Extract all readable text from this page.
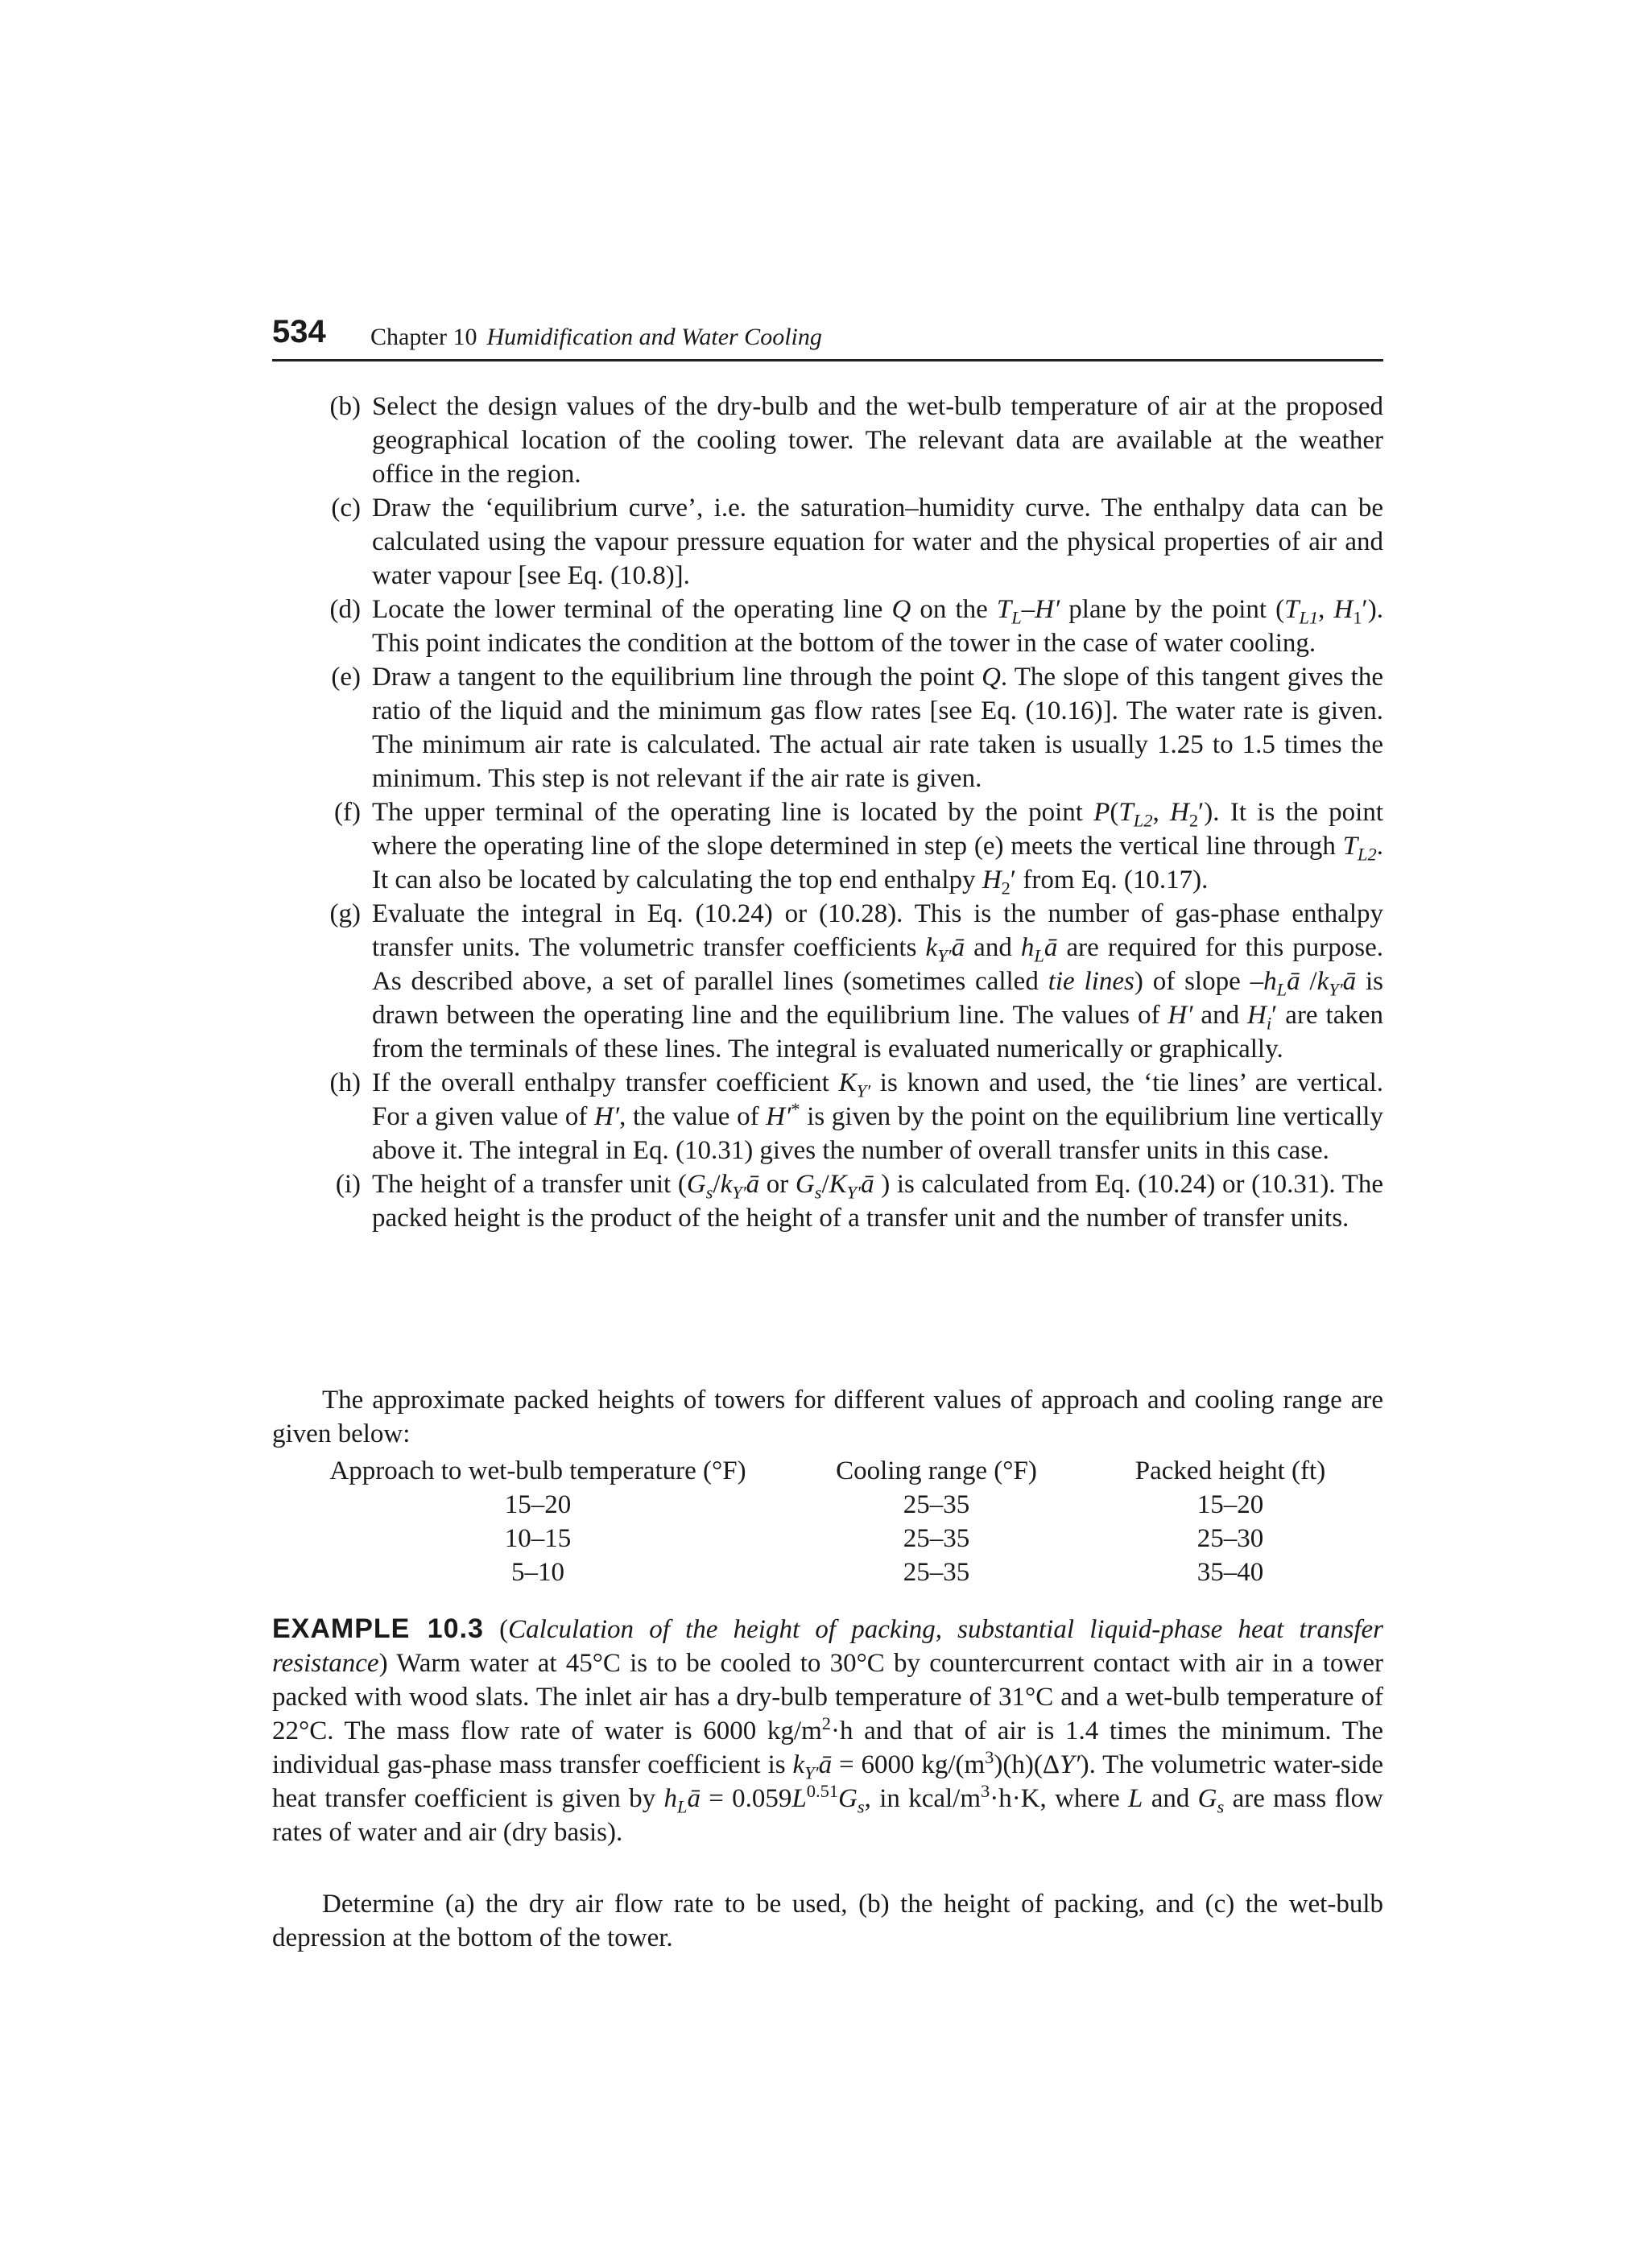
534 Chapter 10 Humidification and Water Cooling
(b) Select the design values of the dry-bulb and the wet-bulb temperature of air at the proposed geographical location of the cooling tower. The relevant data are available at the weather office in the region.
(c) Draw the ‘equilibrium curve’, i.e. the saturation–humidity curve. The enthalpy data can be calculated using the vapour pressure equation for water and the physical properties of air and water vapour [see Eq. (10.8)].
(d) Locate the lower terminal of the operating line Q on the $T_L-H'$ plane by the point ($T_{L1}$, $H_1'$). This point indicates the condition at the bottom of the tower in the case of water cooling.
(e) Draw a tangent to the equilibrium line through the point Q. The slope of this tangent gives the ratio of the liquid and the minimum gas flow rates [see Eq. (10.16)]. The water rate is given. The minimum air rate is calculated. The actual air rate taken is usually 1.25 to 1.5 times the minimum. This step is not relevant if the air rate is given.
(f) The upper terminal of the operating line is located by the point $P(T_{L2}$, $H_2'$). It is the point where the operating line of the slope determined in step (e) meets the vertical line through $T_{L2}$. It can also be located by calculating the top end enthalpy $H_2'$ from Eq. (10.17).
(g) Evaluate the integral in Eq. (10.24) or (10.28). This is the number of gas-phase enthalpy transfer units. The volumetric transfer coefficients $k_{Y'}ā$ and $h_Lā$ are required for this purpose. As described above, a set of parallel lines (sometimes called tie lines) of slope $-h_Lā$ $/k_{Y'}ā$ is drawn between the operating line and the equilibrium line. The values of H′ and $H_i'$ are taken from the terminals of these lines. The integral is evaluated numerically or graphically.
(h) If the overall enthalpy transfer coefficient $K_{Y'}$ is known and used, the ‘tie lines’ are vertical. For a given value of H′, the value of H′* is given by the point on the equilibrium line vertically above it. The integral in Eq. (10.31) gives the number of overall transfer units in this case.
(i) The height of a transfer unit ($G_s/k_{Y'}ā$ or $G_s/K_{Y'}ā$ ) is calculated from Eq. (10.24) or (10.31). The packed height is the product of the height of a transfer unit and the number of transfer units.
The approximate packed heights of towers for different values of approach and cooling range are given below:
Approach to wet-bulb temperature (°F)	Cooling range (°F)	Packed height (ft)
15–20	25–35	15–20
10–15	25–35	25–30
5–10	25–35	35–40
EXAMPLE 10.3 (Calculation of the height of packing, substantial liquid-phase heat transfer resistance) Warm water at 45°C is to be cooled to 30°C by countercurrent contact with air in a tower packed with wood slats. The inlet air has a dry-bulb temperature of 31°C and a wet-bulb temperature of 22°C. The mass flow rate of water is 6000 $kg/m^2\cdot h$ and that of air is 1.4 times the minimum. The individual gas-phase mass transfer coefficient is $k_{Y'}ā = 6000$ $kg/(m^3)(h)(\Delta Y')$. The volumetric water-side heat transfer coefficient is given by $h_Lā = 0.059L^{0.51}G_s$, in kcal/$m^3\cdot h\cdot K$, where L and $G_s$ are mass flow rates of water and air (dry basis).
Determine (a) the dry air flow rate to be used, (b) the height of packing, and (c) the wet-bulb depression at the bottom of the tower.
